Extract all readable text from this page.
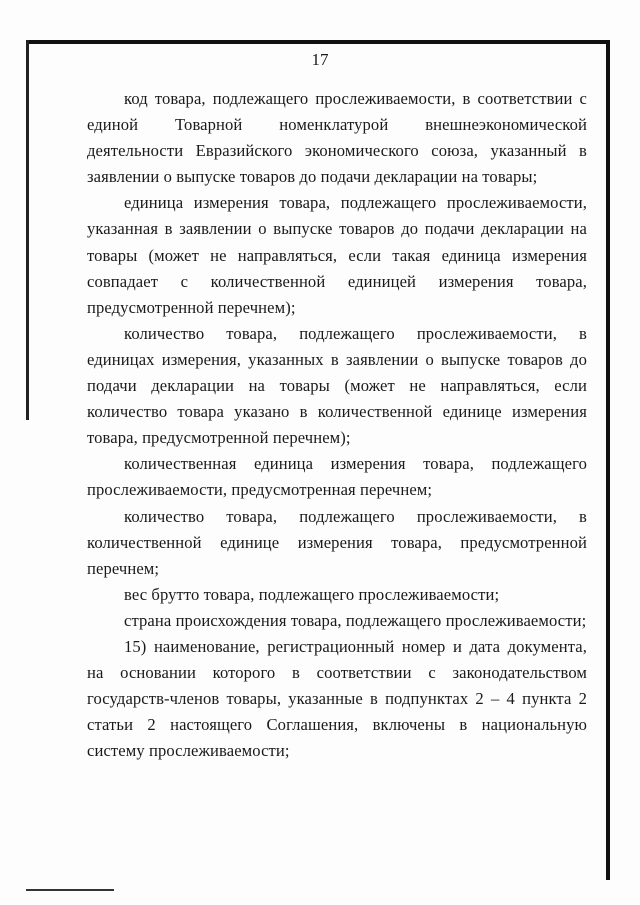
17

код товара, подлежащего прослеживаемости, в соответствии с единой Товарной номенклатурой внешнеэкономической деятельности Евразийского экономического союза, указанный в заявлении о выпуске товаров до подачи декларации на товары;

единица измерения товара, подлежащего прослеживаемости, указанная в заявлении о выпуске товаров до подачи декларации на товары (может не направляться, если такая единица измерения совпадает с количественной единицей измерения товара, предусмотренной перечнем);

количество товара, подлежащего прослеживаемости, в единицах измерения, указанных в заявлении о выпуске товаров до подачи декларации на товары (может не направляться, если количество товара указано в количественной единице измерения товара, предусмотренной перечнем);

количественная единица измерения товара, подлежащего прослеживаемости, предусмотренная перечнем;

количество товара, подлежащего прослеживаемости, в количественной единице измерения товара, предусмотренной перечнем;

вес брутто товара, подлежащего прослеживаемости;

страна происхождения товара, подлежащего прослеживаемости;

15) наименование, регистрационный номер и дата документа, на основании которого в соответствии с законодательством государств-членов товары, указанные в подпунктах 2 – 4 пункта 2 статьи 2 настоящего Соглашения, включены в национальную систему прослеживаемости;
